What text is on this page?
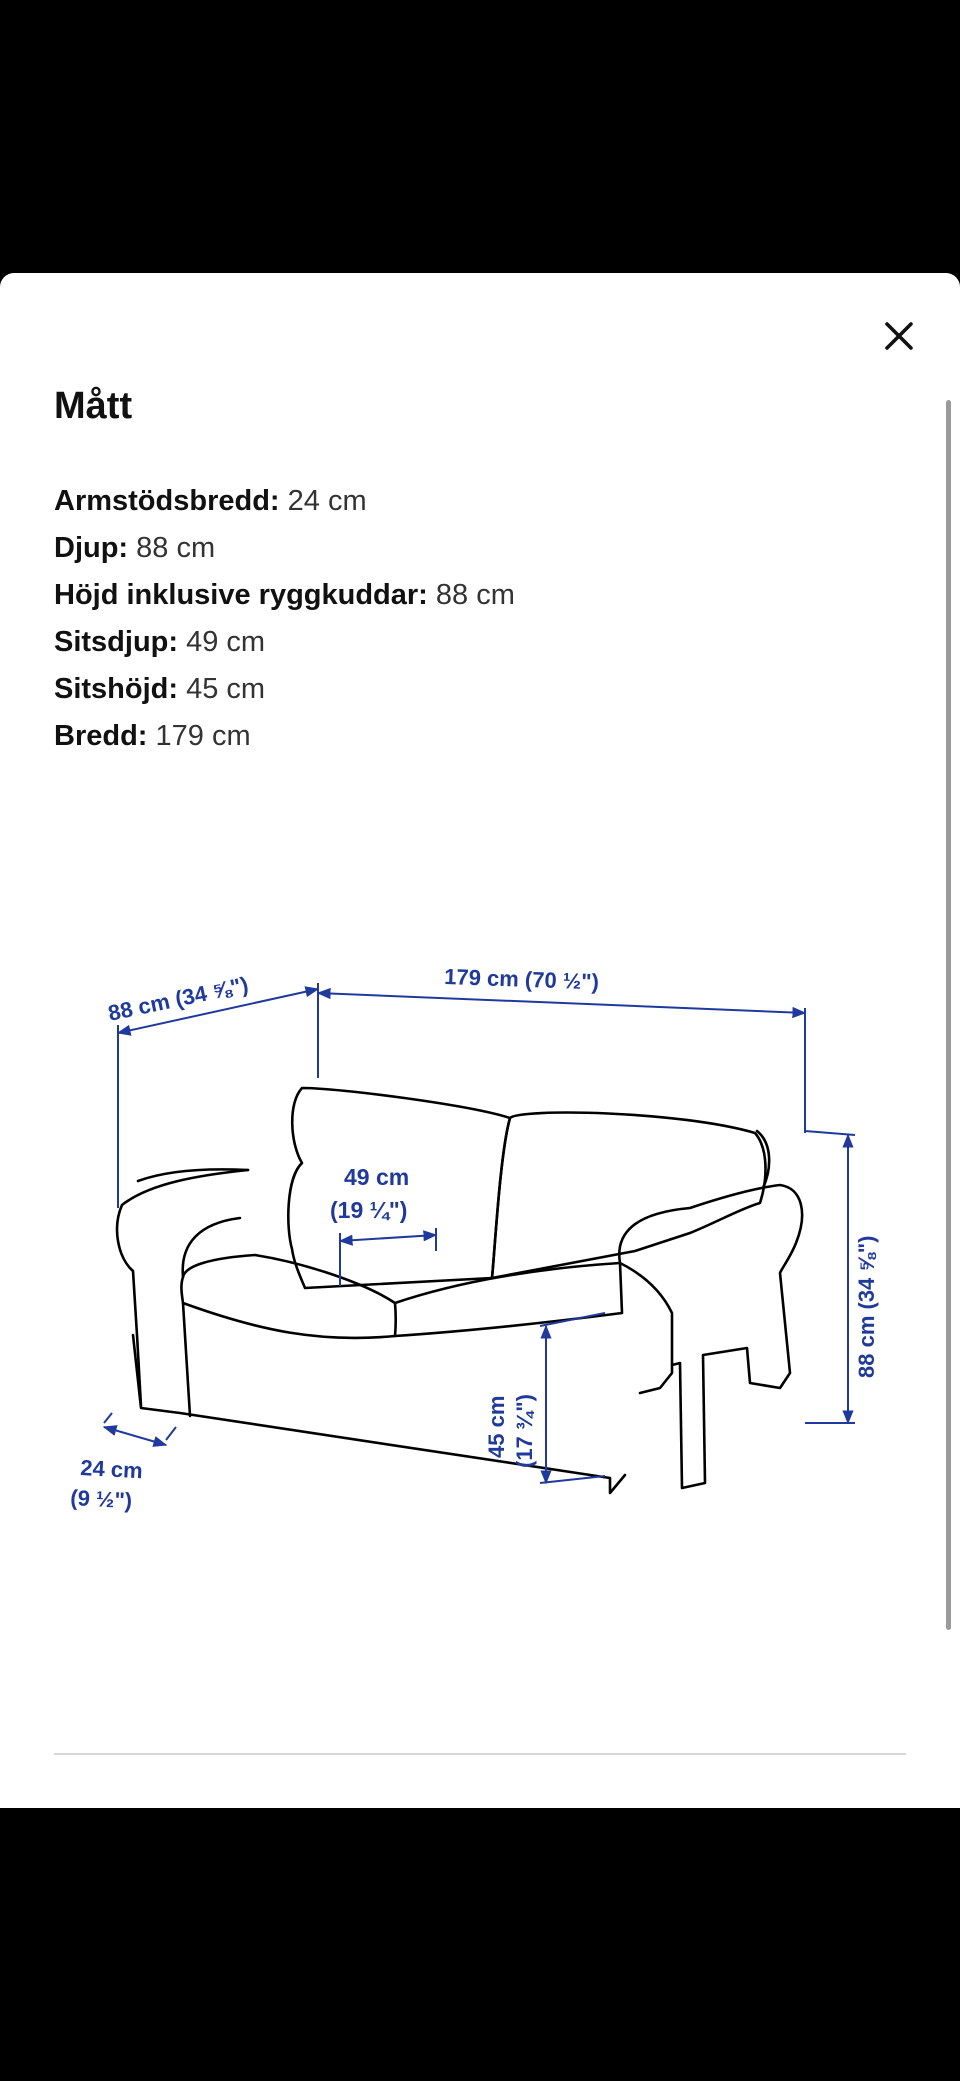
Mått
Armstödsbredd: 24 cm
Djup: 88 cm
Höjd inklusive ryggkuddar: 88 cm
Sitsdjup: 49 cm
Sitshöjd: 45 cm
Bredd: 179 cm
88 cm (34 ⅝")	179 cm (70 ½")
88 cm (34 ⅝")
49 cm
(19 ¼")
45 cm (17 ¾")
24 cm
(9 ½")
